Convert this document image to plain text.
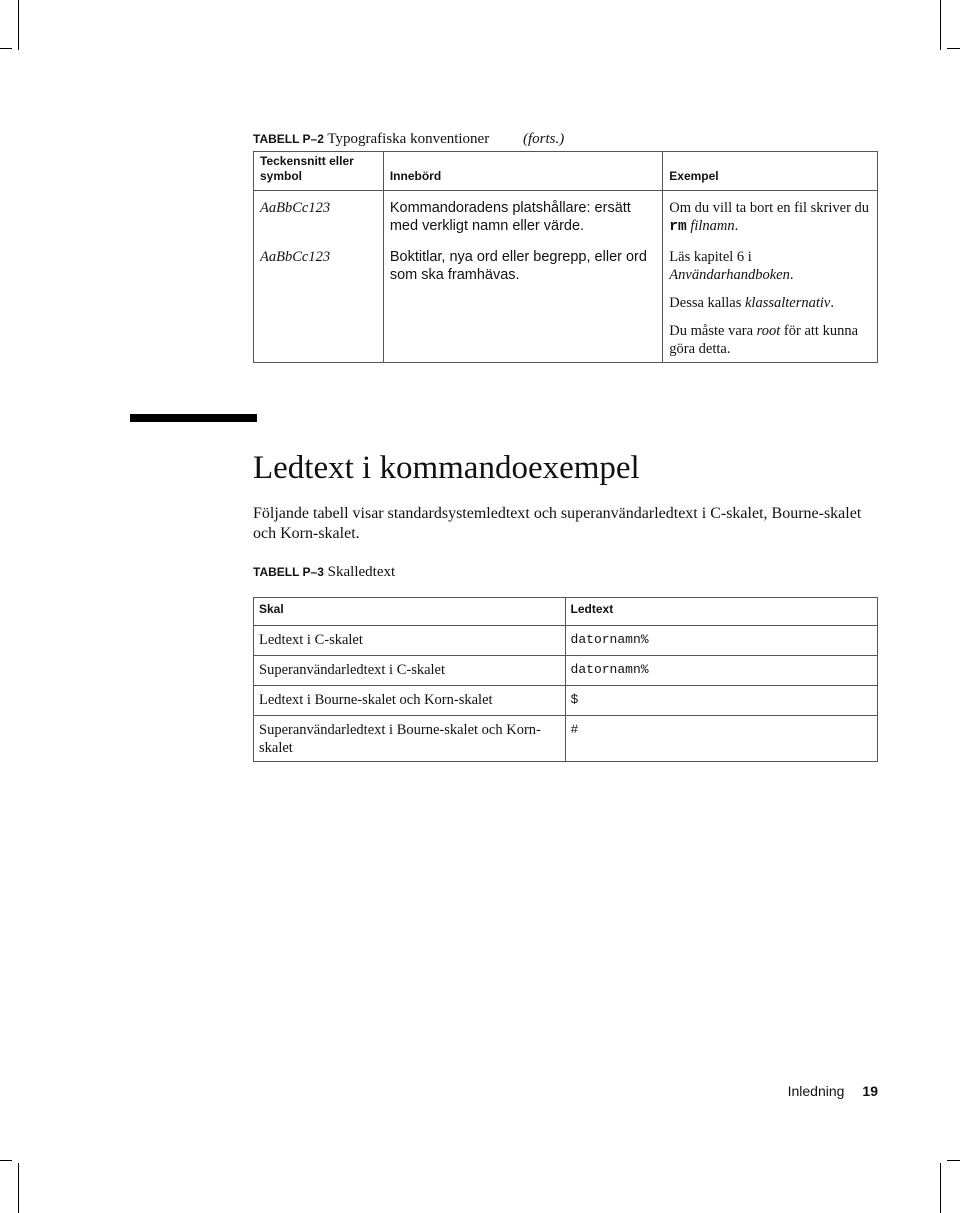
TABELL P–2 Typografiska konventioner (forts.)
Teckensnitt eller symbol	Innebörd	Exempel
AaBbCc123	Kommandoradens platshållare: ersätt med verkligt namn eller värde.	Om du vill ta bort en fil skriver du rm filnamn.
AaBbCc123	Boktitlar, nya ord eller begrepp, eller ord som ska framhävas.	Läs kapitel 6 i Användarhandboken.
Dessa kallas klassalternativ.
Du måste vara root för att kunna göra detta.
Ledtext i kommandoexempel

Följande tabell visar standardsystemledtext och superanvändarledtext i C-skalet, Bourne-skalet och Korn-skalet.

TABELL P–3 Skalledtext
Skal	Ledtext
Ledtext i C-skalet	datornamn%
Superanvändarledtext i C-skalet	datornamn%
Ledtext i Bourne-skalet och Korn-skalet	$
Superanvändarledtext i Bourne-skalet och Korn-skalet	#
Inledning 19
